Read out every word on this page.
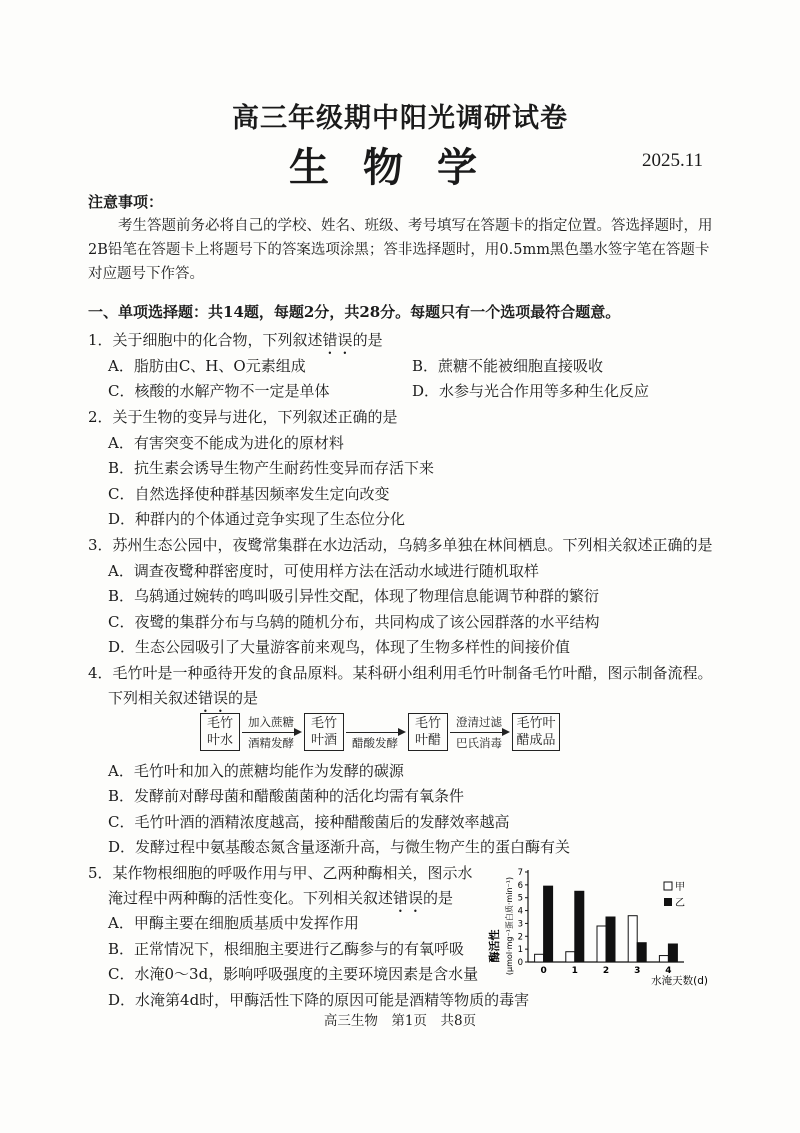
高三年级期中阳光调研试卷
生物学	2025.11
注意事项：
考生答题前务必将自己的学校、姓名、班级、考号填写在答题卡的指定位置。答选择题时，用2B铅笔在答题卡上将题号下的答案选项涂黑；答非选择题时，用0.5mm黑色墨水签字笔在答题卡对应题号下作答。
一、单项选择题：共14题，每题2分，共28分。每题只有一个选项最符合题意。
1．关于细胞中的化合物，下列叙述错误的是
A．脂肪由C、H、O元素组成	B．蔗糖不能被细胞直接吸收
C．核酸的水解产物不一定是单体	D．水参与光合作用等多种生化反应
2．关于生物的变异与进化，下列叙述正确的是
A．有害突变不能成为进化的原材料
B．抗生素会诱导生物产生耐药性变异而存活下来
C．自然选择使种群基因频率发生定向改变
D．种群内的个体通过竞争实现了生态位分化
3．苏州生态公园中，夜鹭常集群在水边活动，乌鸫多单独在林间栖息。下列相关叙述正确的是
A．调查夜鹭种群密度时，可使用样方法在活动水域进行随机取样
B．乌鸫通过婉转的鸣叫吸引异性交配，体现了物理信息能调节种群的繁衍
C．夜鹭的集群分布与乌鸫的随机分布，共同构成了该公园群落的水平结构
D．生态公园吸引了大量游客前来观鸟，体现了生物多样性的间接价值
4．毛竹叶是一种亟待开发的食品原料。某科研小组利用毛竹叶制备毛竹叶醋，图示制备流程。
下列相关叙述错误的是
毛竹
叶水
加入蔗糖
酒精发酵
毛竹
叶酒	醋酸发酵
毛竹
叶醋
澄清过滤
巴氏消毒
毛竹叶
醋成品
A．毛竹叶和加入的蔗糖均能作为发酵的碳源
B．发酵前对酵母菌和醋酸菌菌种的活化均需有氧条件
C．毛竹叶酒的酒精浓度越高，接种醋酸菌后的发酵效率越高
D．发酵过程中氨基酸态氮含量逐渐升高，与微生物产生的蛋白酶有关
5．某作物根细胞的呼吸作用与甲、乙两种酶相关，图示水
淹过程中两种酶的活性变化。下列相关叙述错误的是
A．甲酶主要在细胞质基质中发挥作用
B．正常情况下，根细胞主要进行乙酶参与的有氧呼吸
C．水淹0～3d，影响呼吸强度的主要环境因素是含水量
D．水淹第4d时，甲酶活性下降的原因可能是酒精等物质的毒害
酶活性 (μmol·mg⁻¹蛋白质·min⁻¹) 0
1
2
3
4
5
6
7
0	1	2	3	4
甲
乙
水淹天数(d)
高三生物　第1页　共8页
